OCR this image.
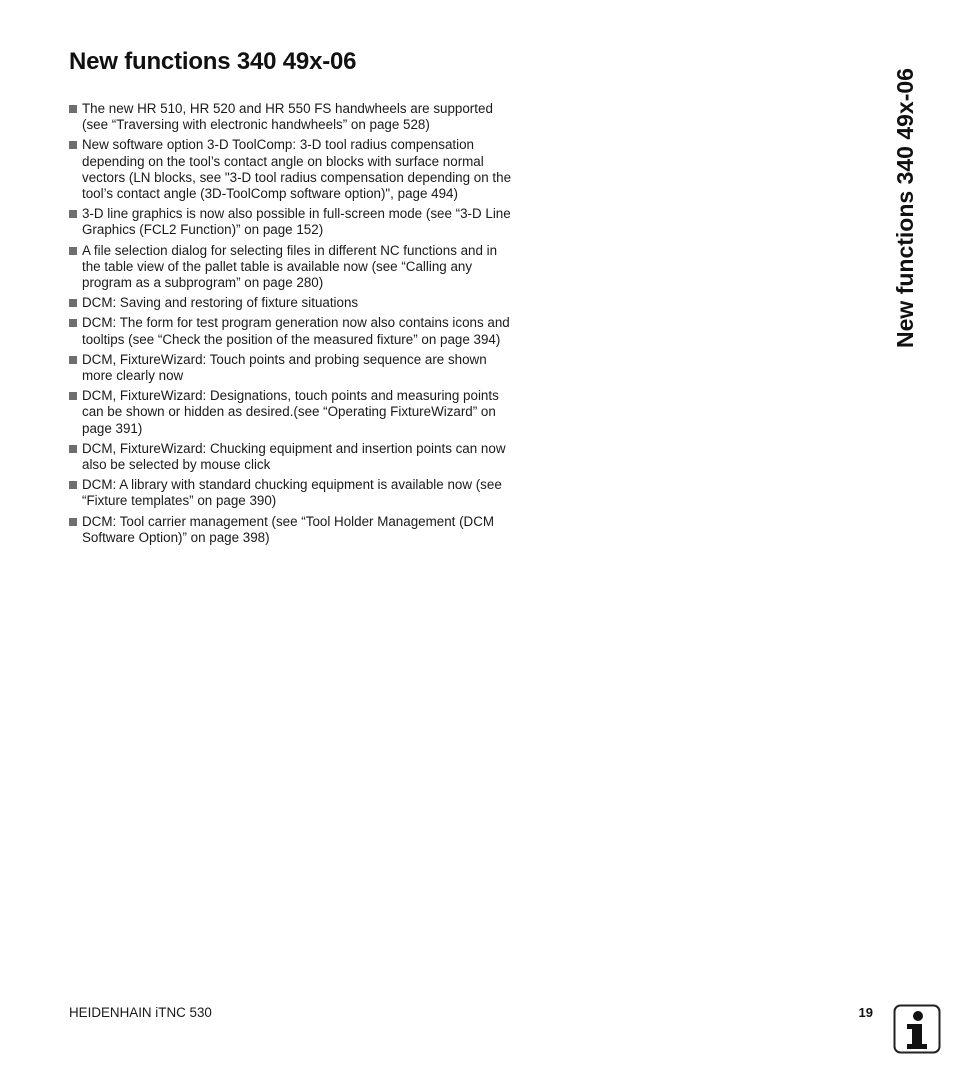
New functions 340 49x-06
The new HR 510, HR 520 and HR 550 FS handwheels are supported (see “Traversing with electronic handwheels” on page 528)
New software option 3-D ToolComp: 3-D tool radius compensation depending on the tool’s contact angle on blocks with surface normal vectors (LN blocks, see "3-D tool radius compensation depending on the tool’s contact angle (3D-ToolComp software option)", page 494)
3-D line graphics is now also possible in full-screen mode (see “3-D Line Graphics (FCL2 Function)” on page 152)
A file selection dialog for selecting files in different NC functions and in the table view of the pallet table is available now (see “Calling any program as a subprogram” on page 280)
DCM: Saving and restoring of fixture situations
DCM: The form for test program generation now also contains icons and tooltips (see “Check the position of the measured fixture” on page 394)
DCM, FixtureWizard: Touch points and probing sequence are shown more clearly now
DCM, FixtureWizard: Designations, touch points and measuring points can be shown or hidden as desired.(see “Operating FixtureWizard” on page 391)
DCM, FixtureWizard: Chucking equipment and insertion points can now also be selected by mouse click
DCM: A library with standard chucking equipment is available now (see “Fixture templates” on page 390)
DCM: Tool carrier management (see “Tool Holder Management (DCM Software Option)” on page 398)
New functions 340 49x-06
HEIDENHAIN iTNC 530	19
